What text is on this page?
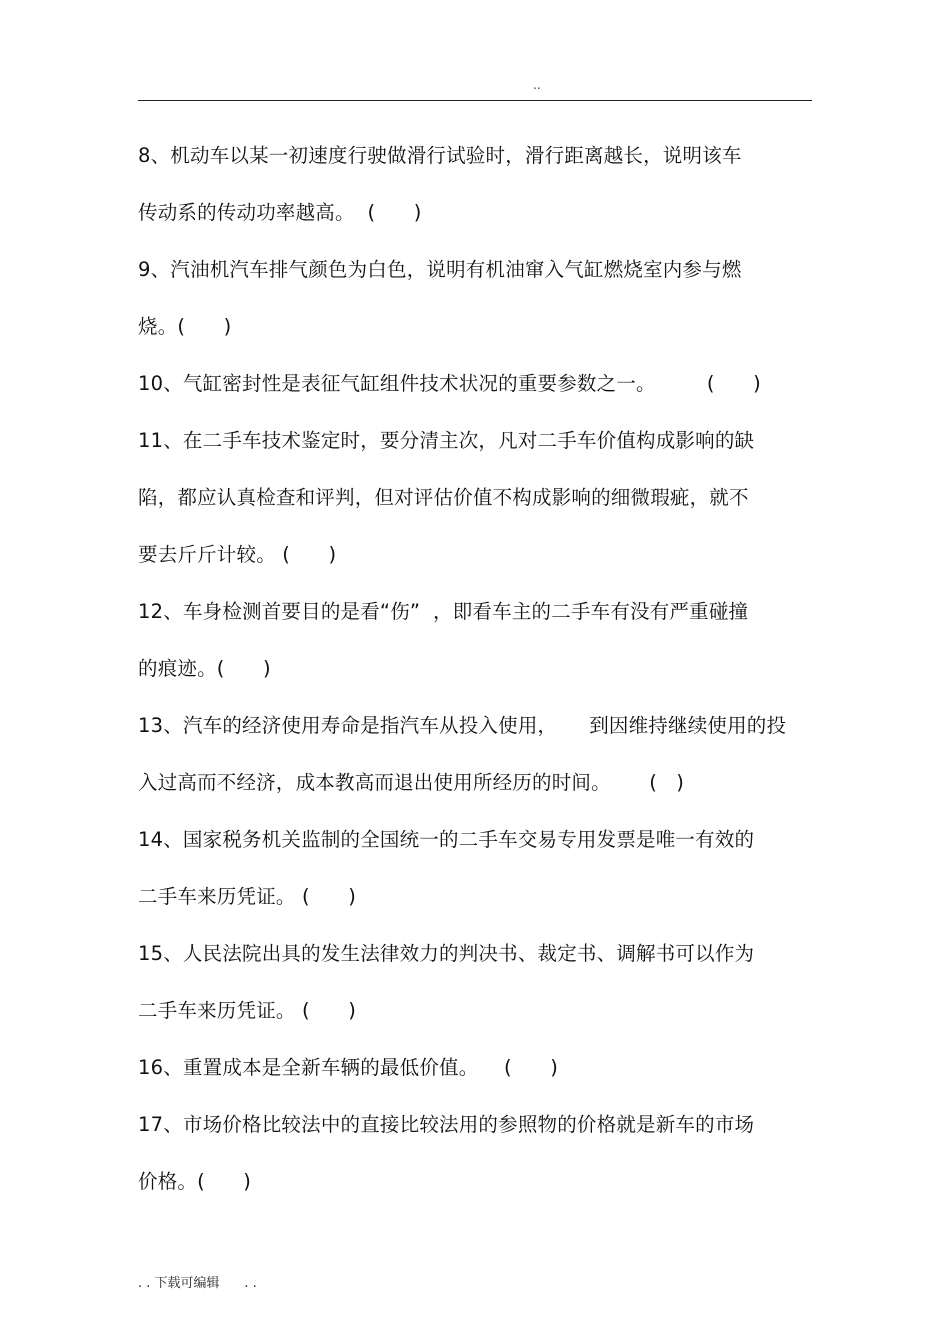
..
8、机动车以某一初速度行驶做滑行试验时，滑行距离越长，说明该车
传动系的传动功率越高。  (      )
9、汽油机汽车排气颜色为白色，说明有机油窜入气缸燃烧室内参与燃
烧。(      )
10、气缸密封性是表征气缸组件技术状况的重要参数之一。        (      )
11、在二手车技术鉴定时，要分清主次，凡对二手车价值构成影响的缺
陷，都应认真检查和评判，但对评估价值不构成影响的细微瑕疵，就不
要去斤斤计较。 (      )
12、车身检测首要目的是看“伤”  ，即看车主的二手车有没有严重碰撞
的痕迹。(      )
13、汽车的经济使用寿命是指汽车从投入使用，     到因维持继续使用的投
入过高而不经济，成本教高而退出使用所经历的时间。      (   )
14、国家税务机关监制的全国统一的二手车交易专用发票是唯一有效的
二手车来历凭证。 (      )
15、人民法院出具的发生法律效力的判决书、裁定书、调解书可以作为
二手车来历凭证。 (      )
16、重置成本是全新车辆的最低价值。    (      )
17、市场价格比较法中的直接比较法用的参照物的价格就是新车的市场
价格。(      )
. . 下载可编辑      . .
